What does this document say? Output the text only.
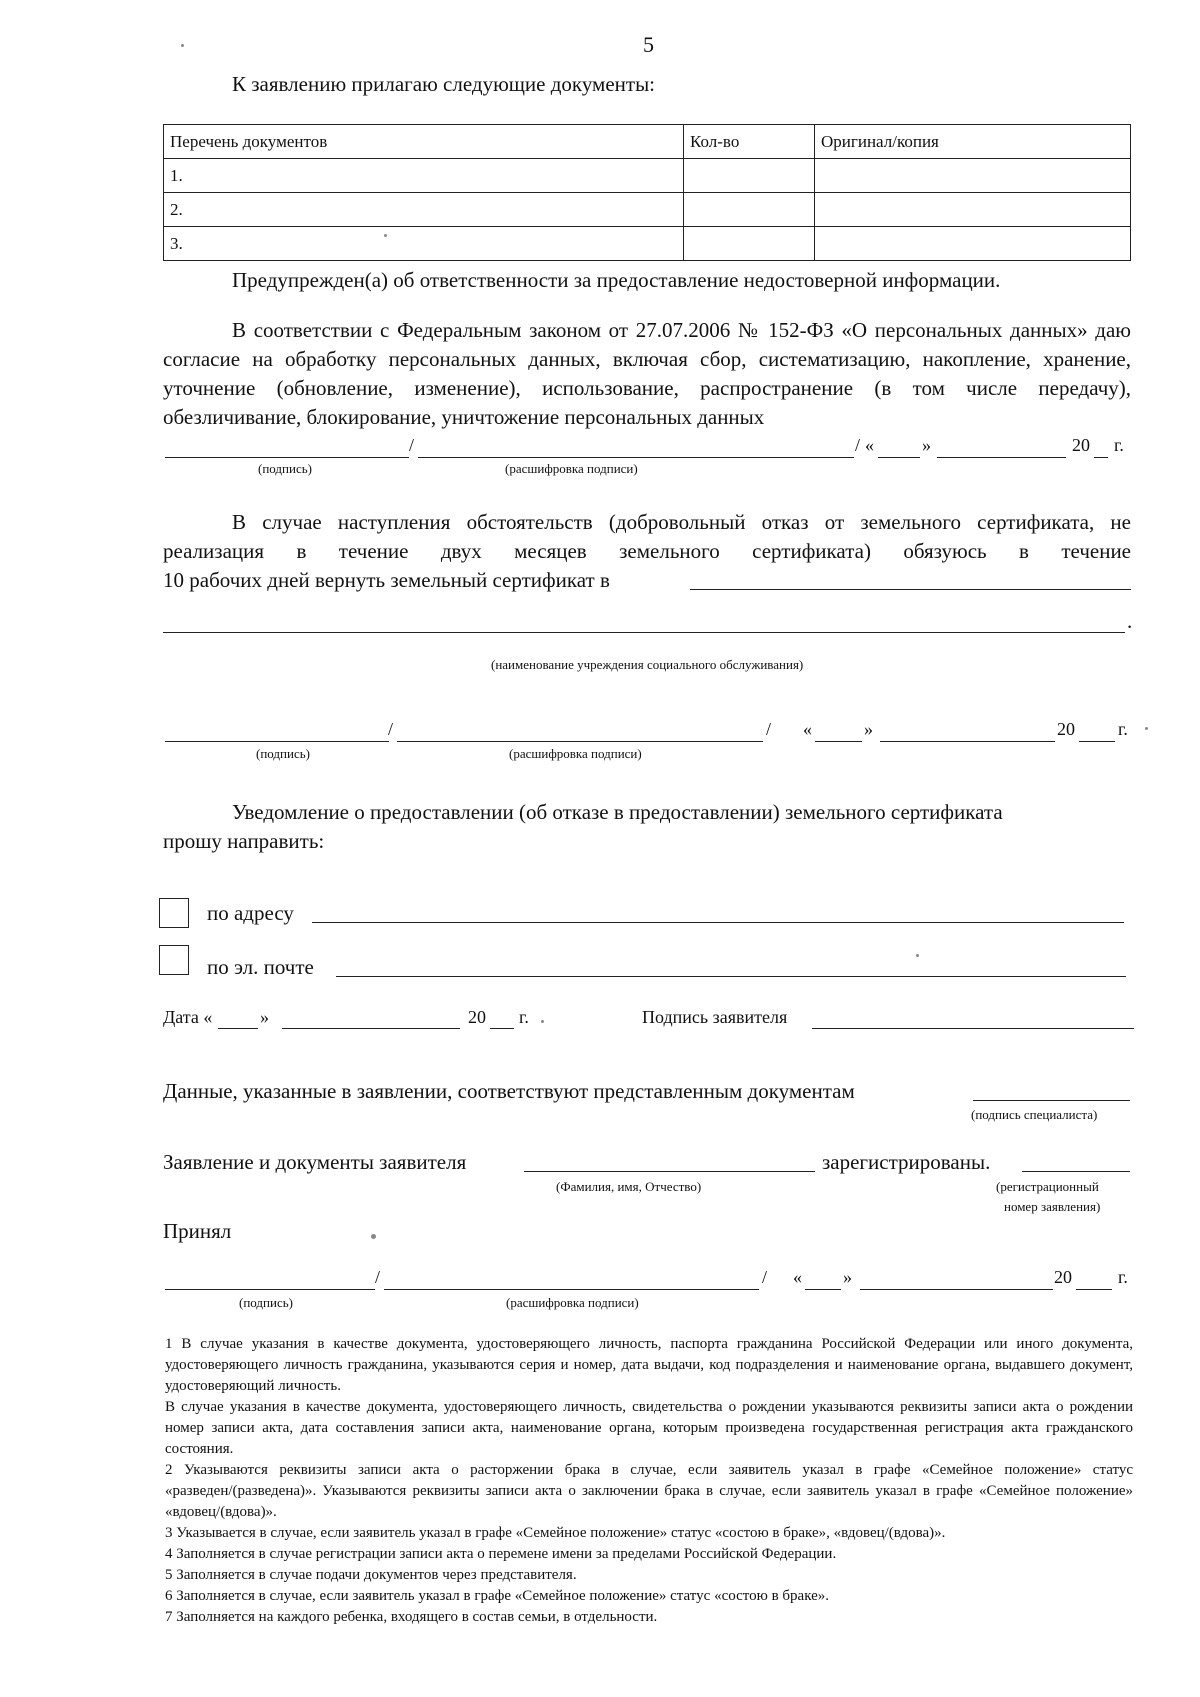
5
К заявлению прилагаю следующие документы:
Перечень документов	Кол-во	Оригинал/копия
1.		
2.		
3.		
Предупрежден(а) об ответственности за предоставление недостоверной информации.
В соответствии с Федеральным законом от 27.07.2006 № 152-ФЗ «О персональных данных» даю согласие на обработку персональных данных, включая сбор, систематизацию, накопление, хранение, уточнение (обновление, изменение), использование, распространение (в том числе передачу), обезличивание, блокирование, уничтожение персональных данных
/	/ «	»	20 г.
(подпись)	(расшифровка подписи)
В случае наступления обстоятельств (добровольный отказ от земельного сертификата, не реализация в течение двух месяцев земельного сертификата) обязуюсь в течение
10 рабочих дней вернуть земельный сертификат в
.
(наименование учреждения социального обслуживания)
/	/ «	»	20 г.
(подпись)	(расшифровка подписи)
Уведомление о предоставлении (об отказе в предоставлении) земельного сертификата
прошу направить:
по адресу
по эл. почте
Дата «	»	20 г.	Подпись заявителя
Данные, указанные в заявлении, соответствуют представленным документам
(подпись специалиста)
Заявление и документы заявителя	зарегистрированы.
(Фамилия, имя, Отчество)	(регистрационный
номер заявления)
Принял
/	/ « »	20	г.
(подпись)	(расшифровка подписи)

1 В случае указания в качестве документа, удостоверяющего личность, паспорта гражданина Российской Федерации или иного документа, удостоверяющего личность гражданина, указываются серия и номер, дата выдачи, код подразделения и наименование органа, выдавшего документ, удостоверяющий личность.

В случае указания в качестве документа, удостоверяющего личность, свидетельства о рождении указываются реквизиты записи акта о рождении номер записи акта, дата составления записи акта, наименование органа, которым произведена государственная регистрация акта гражданского состояния.

2 Указываются реквизиты записи акта о расторжении брака в случае, если заявитель указал в графе «Семейное положение» статус «разведен/(разведена)». Указываются реквизиты записи акта о заключении брака в случае, если заявитель указал в графе «Семейное положение» «вдовец/(вдова)».

3 Указывается в случае, если заявитель указал в графе «Семейное положение» статус «состою в браке», «вдовец/(вдова)».

4 Заполняется в случае регистрации записи акта о перемене имени за пределами Российской Федерации.

5 Заполняется в случае подачи документов через представителя.

6 Заполняется в случае, если заявитель указал в графе «Семейное положение» статус «состою в браке».

7 Заполняется на каждого ребенка, входящего в состав семьи, в отдельности.
